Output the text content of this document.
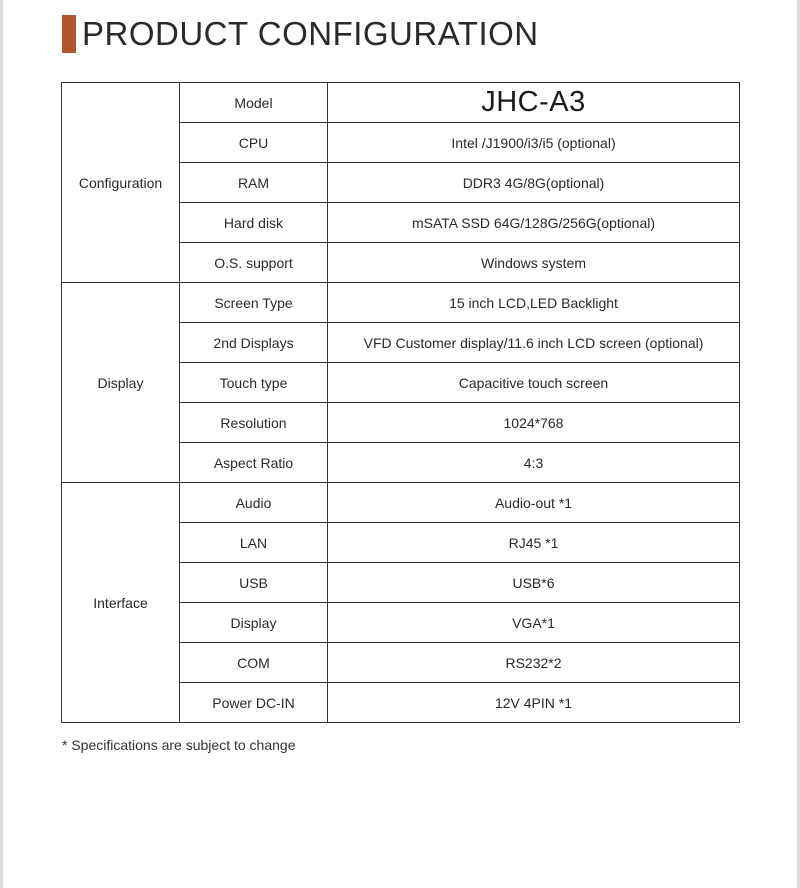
PRODUCT CONFIGURATION
Configuration	Model	JHC-A3
	CPU	Intel /J1900/i3/i5 (optional)
	RAM	DDR3 4G/8G(optional)
	Hard disk	mSATA SSD 64G/128G/256G(optional)
	O.S. support	Windows system
Display	Screen Type	15 inch LCD,LED Backlight
	2nd Displays	VFD Customer display/11.6 inch LCD screen (optional)
	Touch type	Capacitive touch screen
	Resolution	1024*768
	Aspect Ratio	4:3
Interface	Audio	Audio-out *1
	LAN	RJ45 *1
	USB	USB*6
	Display	VGA*1
	COM	RS232*2
	Power DC-IN	12V 4PIN *1
* Specifications are subject to change
